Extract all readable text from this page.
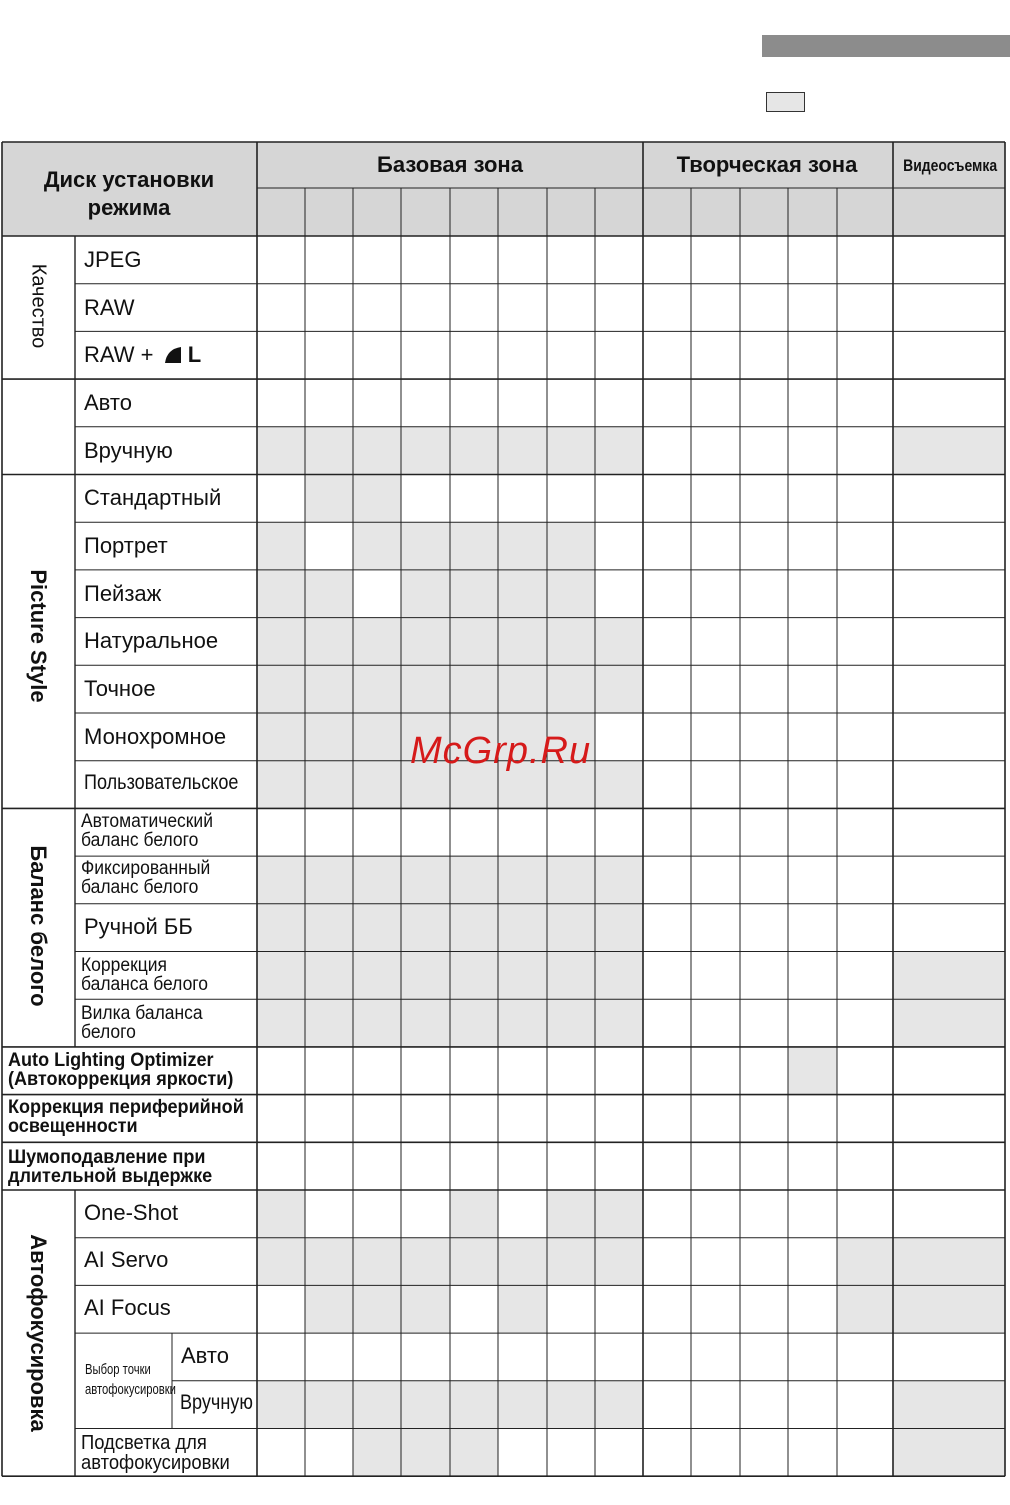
Диск установки
режима
Базовая зона	Творческая зона	Видеосъемка
Качество
Picture Style
Баланс белого
Автофокусировка
JPEG
RAW
RAW + L
Авто
Вручную
Стандартный
Портрет
Пейзаж
Натуральное
Точное
Монохромное
Пользовательское
Автоматический
баланс белого
Фиксированный
баланс белого
Ручной ББ
Коррекция
баланса белого
Вилка баланса
белого
Auto Lighting Optimizer
(Автокоррекция яркости)
Коррекция периферийной
освещенности
Шумоподавление при
длительной выдержке
One-Shot
AI Servo
AI Focus
Выбор точки
автофокусировки
Авто
Вручную
Подсветка для
автофокусировки
McGrp.Ru
